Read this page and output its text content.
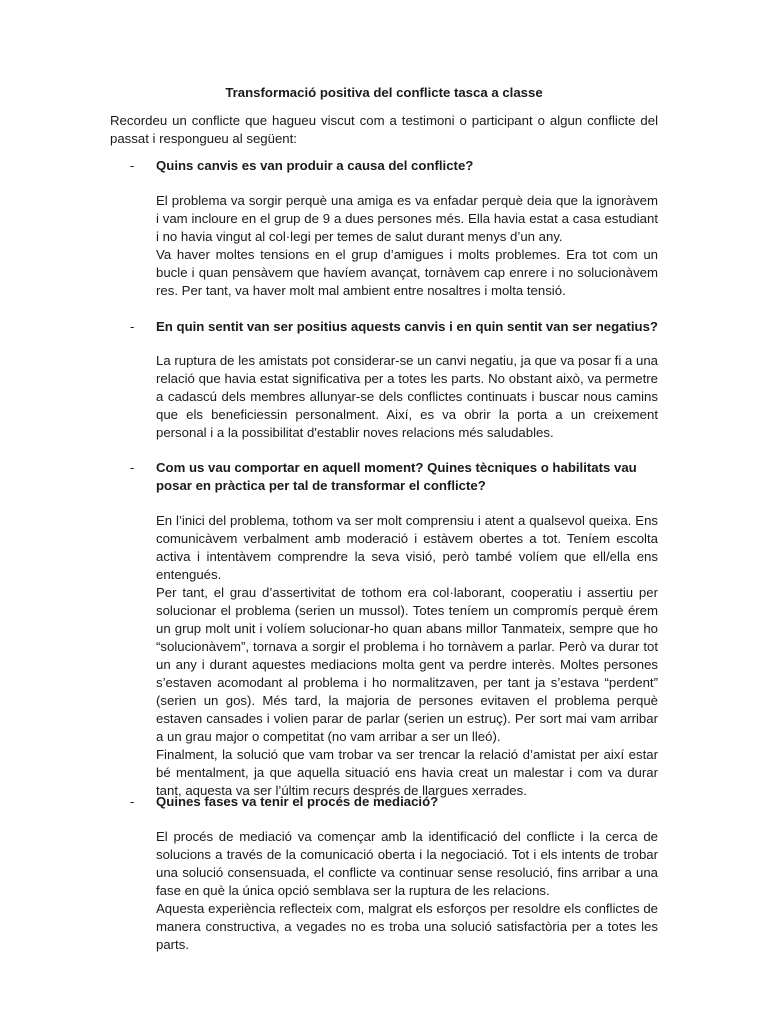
Transformació positiva del conflicte tasca a classe
Recordeu un conflicte que hagueu viscut com a testimoni o participant o algun conflicte del passat i respongueu al següent:
- Quins canvis es van produir a causa del conflicte?

El problema va sorgir perquè una amiga es va enfadar perquè deia que la ignoràvem i vam incloure en el grup de 9 a dues persones més. Ella havia estat a casa estudiant i no havia vingut al col·legi per temes de salut durant menys d’un any.

Va haver moltes tensions en el grup d’amigues i molts problemes. Era tot com un bucle i quan pensàvem que havíem avançat, tornàvem cap enrere i no solucionàvem res. Per tant, va haver molt mal ambient entre nosaltres i molta tensió.

- En quin sentit van ser positius aquests canvis i en quin sentit van ser negatius?

La ruptura de les amistats pot considerar-se un canvi negatiu, ja que va posar fi a una relació que havia estat significativa per a totes les parts. No obstant això, va permetre a cadascú dels membres allunyar-se dels conflictes continuats i buscar nous camins que els beneficiessin personalment. Així, es va obrir la porta a un creixement personal i a la possibilitat d'establir noves relacions més saludables.

- Com us vau comportar en aquell moment? Quines tècniques o habilitats vau posar en pràctica per tal de transformar el conflicte?

En l’inici del problema, tothom va ser molt comprensiu i atent a qualsevol queixa. Ens comunicàvem verbalment amb moderació i estàvem obertes a tot. Teníem escolta activa i intentàvem comprendre la seva visió, però també volíem que ell/ella ens entengués.

Per tant, el grau d’assertivitat de tothom era col·laborant, cooperatiu i assertiu per solucionar el problema (serien un mussol). Totes teníem un compromís perquè érem un grup molt unit i volíem solucionar-ho quan abans millor Tanmateix, sempre que ho “solucionàvem”, tornava a sorgir el problema i ho tornàvem a parlar. Però va durar tot un any i durant aquestes mediacions molta gent va perdre interès. Moltes persones s’estaven acomodant al problema i ho normalitzaven, per tant ja s’estava “perdent” (serien un gos). Més tard, la majoria de persones evitaven el problema perquè estaven cansades i volien parar de parlar (serien un estruç). Per sort mai vam arribar a un grau major o competitat (no vam arribar a ser un lleó).

Finalment, la solució que vam trobar va ser trencar la relació d’amistat per així estar bé mentalment, ja que aquella situació ens havia creat un malestar i com va durar tant, aquesta va ser l’últim recurs després de llargues xerrades.

- Quines fases va tenir el procés de mediació?

El procés de mediació va començar amb la identificació del conflicte i la cerca de solucions a través de la comunicació oberta i la negociació. Tot i els intents de trobar una solució consensuada, el conflicte va continuar sense resolució, fins arribar a una fase en què la única opció semblava ser la ruptura de les relacions.

Aquesta experiència reflecteix com, malgrat els esforços per resoldre els conflictes de manera constructiva, a vegades no es troba una solució satisfactòria per a totes les parts.
